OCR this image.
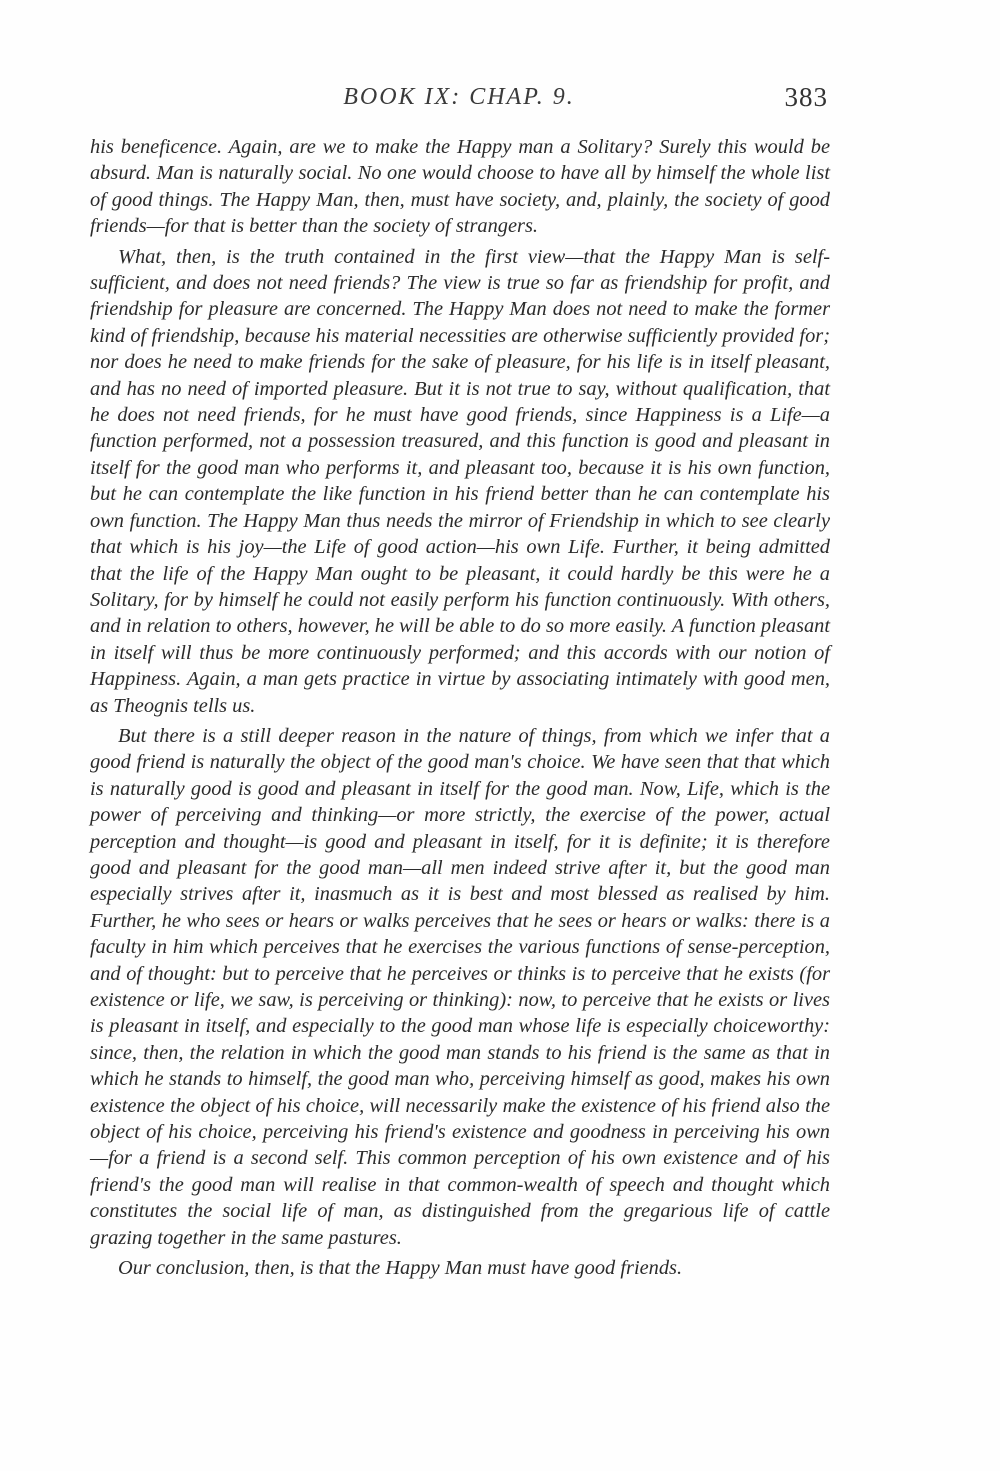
BOOK IX: CHAP. 9.	383

his beneficence. Again, are we to make the Happy man a Solitary? Surely this would be absurd. Man is naturally social. No one would choose to have all by himself the whole list of good things. The Happy Man, then, must have society, and, plainly, the society of good friends—for that is better than the society of strangers.

What, then, is the truth contained in the first view—that the Happy Man is self-sufficient, and does not need friends? The view is true so far as friendship for profit, and friendship for pleasure are concerned. The Happy Man does not need to make the former kind of friendship, because his material necessities are otherwise sufficiently provided for; nor does he need to make friends for the sake of pleasure, for his life is in itself pleasant, and has no need of imported pleasure. But it is not true to say, without qualification, that he does not need friends, for he must have good friends, since Happiness is a Life—a function performed, not a possession treasured, and this function is good and pleasant in itself for the good man who performs it, and pleasant too, because it is his own function, but he can contemplate the like function in his friend better than he can contemplate his own function. The Happy Man thus needs the mirror of Friendship in which to see clearly that which is his joy—the Life of good action—his own Life. Further, it being admitted that the life of the Happy Man ought to be pleasant, it could hardly be this were he a Solitary, for by himself he could not easily perform his function continuously. With others, and in relation to others, however, he will be able to do so more easily. A function pleasant in itself will thus be more continuously performed; and this accords with our notion of Happiness. Again, a man gets practice in virtue by associating intimately with good men, as Theognis tells us.

But there is a still deeper reason in the nature of things, from which we infer that a good friend is naturally the object of the good man's choice. We have seen that that which is naturally good is good and pleasant in itself for the good man. Now, Life, which is the power of perceiving and thinking—or more strictly, the exercise of the power, actual perception and thought—is good and pleasant in itself, for it is definite; it is therefore good and pleasant for the good man—all men indeed strive after it, but the good man especially strives after it, inasmuch as it is best and most blessed as realised by him. Further, he who sees or hears or walks perceives that he sees or hears or walks: there is a faculty in him which perceives that he exercises the various functions of sense-perception, and of thought: but to perceive that he perceives or thinks is to perceive that he exists (for existence or life, we saw, is perceiving or thinking): now, to perceive that he exists or lives is pleasant in itself, and especially to the good man whose life is especially choiceworthy: since, then, the relation in which the good man stands to his friend is the same as that in which he stands to himself, the good man who, perceiving himself as good, makes his own existence the object of his choice, will necessarily make the existence of his friend also the object of his choice, perceiving his friend's existence and goodness in perceiving his own—for a friend is a second self. This common perception of his own existence and of his friend's the good man will realise in that common-wealth of speech and thought which constitutes the social life of man, as distinguished from the gregarious life of cattle grazing together in the same pastures.

Our conclusion, then, is that the Happy Man must have good friends.
